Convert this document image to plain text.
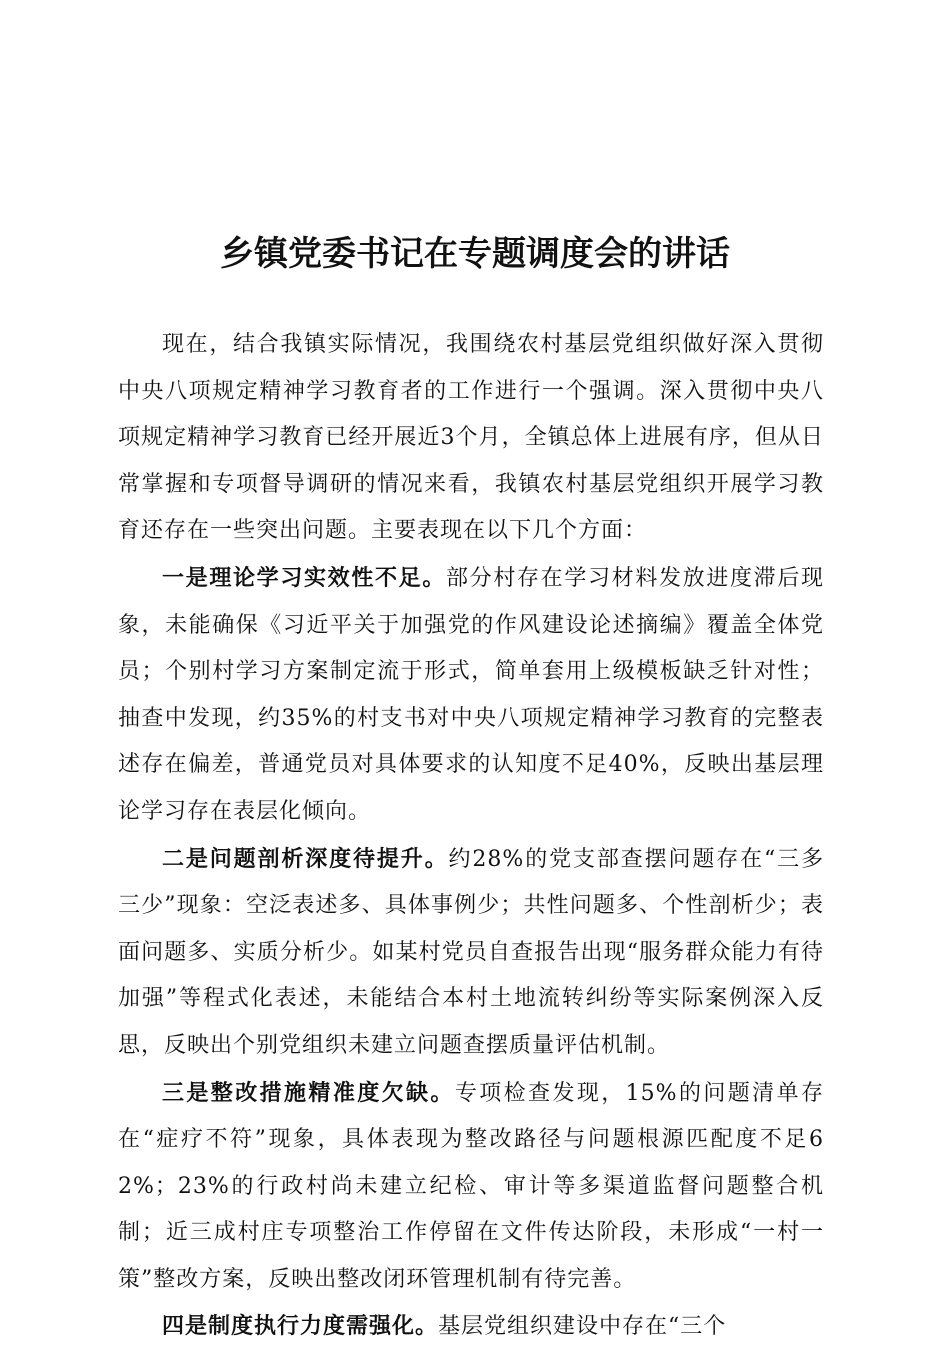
乡镇党委书记在专题调度会的讲话

现在，结合我镇实际情况，我围绕农村基层党组织做好深入贯彻中央八项规定精神学习教育者的工作进行一个强调。深入贯彻中央八项规定精神学习教育已经开展近3个月，全镇总体上进展有序，但从日常掌握和专项督导调研的情况来看，我镇农村基层党组织开展学习教育还存在一些突出问题。主要表现在以下几个方面：

一是理论学习实效性不足。部分村存在学习材料发放进度滞后现象，未能确保《习近平关于加强党的作风建设论述摘编》覆盖全体党员；个别村学习方案制定流于形式，简单套用上级模板缺乏针对性；抽查中发现，约35%的村支书对中央八项规定精神学习教育的完整表述存在偏差，普通党员对具体要求的认知度不足40%，反映出基层理论学习存在表层化倾向。

二是问题剖析深度待提升。约28%的党支部查摆问题存在“三多三少”现象：空泛表述多、具体事例少；共性问题多、个性剖析少；表面问题多、实质分析少。如某村党员自查报告出现“服务群众能力有待加强”等程式化表述，未能结合本村土地流转纠纷等实际案例深入反思，反映出个别党组织未建立问题查摆质量评估机制。

三是整改措施精准度欠缺。专项检查发现，15%的问题清单存在“症疗不符”现象，具体表现为整改路径与问题根源匹配度不足62%；23%的行政村尚未建立纪检、审计等多渠道监督问题整合机制；近三成村庄专项整治工作停留在文件传达阶段，未形成“一村一策”整改方案，反映出整改闭环管理机制有待完善。

四是制度执行力度需强化。基层党组织建设中存在“三个
